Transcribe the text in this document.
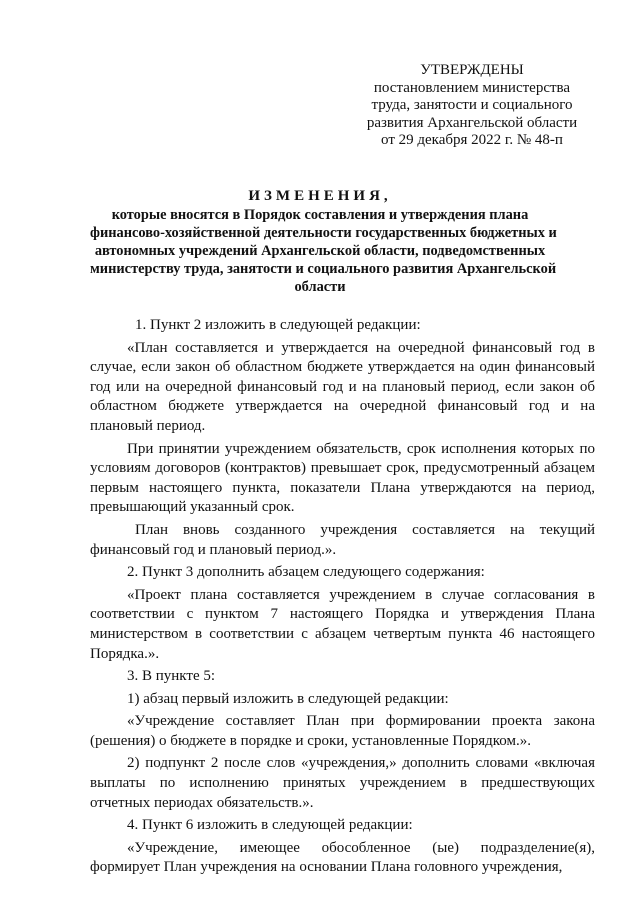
УТВЕРЖДЕНЫ
постановлением министерства
труда, занятости и социального
развития Архангельской области
от 29 декабря 2022 г. № 48-п
ИЗМЕНЕНИЯ,
которые вносятся в Порядок составления и утверждения плана
финансово-хозяйственной деятельности государственных бюджетных и
автономных учреждений Архангельской области, подведомственных
министерству труда, занятости и социального развития Архангельской
области

1. Пункт 2 изложить в следующей редакции:

«План составляется и утверждается на очередной финансовый год в случае, если закон об областном бюджете утверждается на один финансовый год или на очередной финансовый год и на плановый период, если закон об областном бюджете утверждается на очередной финансовый год и на плановый период.

При принятии учреждением обязательств, срок исполнения которых по условиям договоров (контрактов) превышает срок, предусмотренный абзацем первым настоящего пункта, показатели Плана утверждаются на период, превышающий указанный срок.

План вновь созданного учреждения составляется на текущий финансовый год и плановый период.».

2. Пункт 3 дополнить абзацем следующего содержания:

«Проект плана составляется учреждением в случае согласования в соответствии с пунктом 7 настоящего Порядка и утверждения Плана министерством в соответствии с абзацем четвертым пункта 46 настоящего Порядка.».

3. В пункте 5:

1) абзац первый изложить в следующей редакции:

«Учреждение составляет План при формировании проекта закона (решения) о бюджете в порядке и сроки, установленные Порядком.».

2) подпункт 2 после слов «учреждения,» дополнить словами «включая выплаты по исполнению принятых учреждением в предшествующих отчетных периодах обязательств.».

4. Пункт 6 изложить в следующей редакции:

«Учреждение, имеющее обособленное (ые) подразделение(я), формирует План учреждения на основании Плана головного учреждения,
